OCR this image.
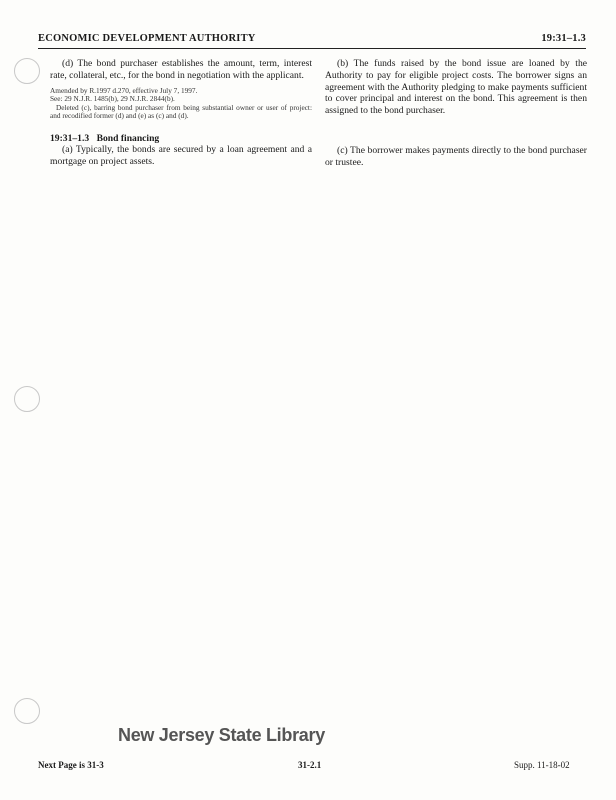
ECONOMIC DEVELOPMENT AUTHORITY	19:31–1.3

(d) The bond purchaser establishes the amount, term, interest rate, collateral, etc., for the bond in negotiation with the applicant.

Amended by R.1997 d.270, effective July 7, 1997.
See: 29 N.J.R. 1485(b), 29 N.J.R. 2844(b).
Deleted (c), barring bond purchaser from being substantial owner or user of project: and recodified former (d) and (e) as (c) and (d).

19:31–1.3 Bond financing

(a) Typically, the bonds are secured by a loan agreement and a mortgage on project assets.

(b) The funds raised by the bond issue are loaned by the Authority to pay for eligible project costs. The borrower signs an agreement with the Authority pledging to make payments sufficient to cover principal and interest on the bond. This agreement is then assigned to the bond purchaser.

(c) The borrower makes payments directly to the bond purchaser or trustee.

New Jersey State Library
Next Page is 31-3	31-2.1	Supp. 11-18-02
